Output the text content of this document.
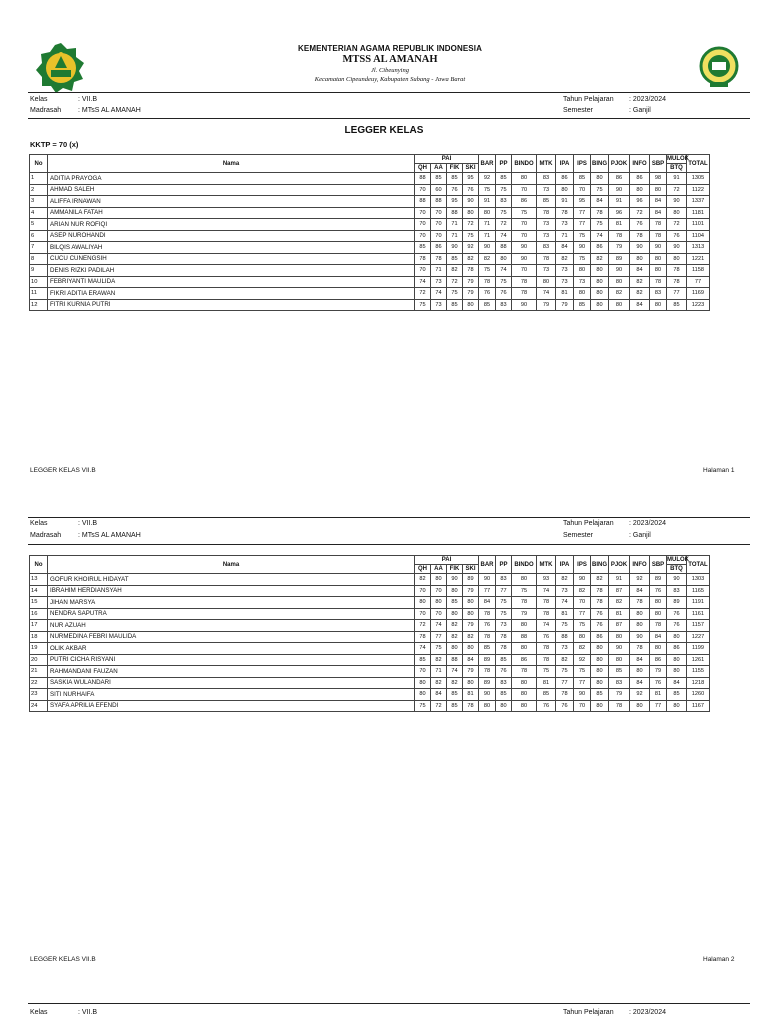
KEMENTERIAN AGAMA REPUBLIK INDONESIA
MTSS AL AMANAH
Jl. Cibeunying
Kecamatan Cipeundeuy, Kabupaten Subang - Jawa Barat
Kelas	: VII.B	Tahun Pelajaran : 2023/2024
Madrasah : MTsS AL AMANAH	Semester	: Ganjil
LEGGER KELAS
KKTP = 70 (x)
No	Nama	PAI				BAR	PP	BINDO	MTK	IPA	IPS	BING	PJOK	INFO	SBP	MULOK	TOTAL
		QH	AA	FIK	SKI											BTQ	
1	ADITIA PRAYOGA	88	85	85	95	92	85	80	83	86	85	80	86	86	98	91	1305
2	AHMAD SALEH	70	60	76	76	75	75	70	73	80	70	75	90	80	80	72	1122
3	ALIFFA IRNAWAN	88	88	95	90	91	83	86	85	91	95	84	91	96	84	90	1337
4	AMMANILA FATAH	70	70	88	80	80	75	75	78	78	77	78	96	72	84	80	1181
5	ARIAN NUR ROFIQI	70	70	71	72	71	72	70	73	73	77	75	81	76	78	72	1101
6	ASEP NUROHANDI	70	70	71	75	71	74	70	73	71	75	74	78	78	78	76	1104
7	BILQIS AWALIYAH	85	86	90	92	90	88	90	83	84	90	86	79	90	90	90	1313
8	CUCU CUNENGSIH	78	78	85	82	82	80	90	78	82	75	82	89	80	80	80	1221
9	DENIS RIZKI PADILAH	70	71	82	78	75	74	70	73	73	80	80	90	84	80	78	1158
10	FEBRIYANTI MAULIDA	74	73	72	79	78	75	78	80	73	73	80	80	82	78	78	77
11	FIKRI ADITIA ERAWAN	72	74	75	79	76	76	78	74	81	80	80	82	82	83	77	1169
12	FITRI KURNIA PUTRI	75	73	85	80	85	83	90	79	79	85	80	80	84	80	85	1223
LEGGER KELAS VII.B	Halaman 1
Kelas	: VII.B	Tahun Pelajaran : 2023/2024
Madrasah : MTsS AL AMANAH	Semester	: Ganjil
No	Nama	PAI				BAR	PP	BINDO	MTK	IPA	IPS	BING	PJOK	INFO	SBP	MULOK	TOTAL
		QH	AA	FIK	SKI											BTQ	
13	GOFUR KHOIRUL HIDAYAT	82	80	90	89	90	83	80	93	82	90	82	91	92	89	90	1303
14	IBRAHIM HERDIANSYAH	70	70	80	79	77	77	75	74	73	82	78	87	84	76	83	1165
15	JIHAN MARSYA	80	80	85	80	84	75	78	78	74	70	78	82	78	80	89	1191
16	NENDRA SAPUTRA	70	70	80	80	78	75	79	78	81	77	76	81	80	80	76	1161
17	NUR AZUAH	72	74	82	79	76	73	80	74	75	75	76	87	80	78	76	1157
18	NURMEDINA FEBRI MAULIDA	78	77	82	82	78	78	88	76	88	80	86	80	90	84	80	1227
19	OLIK AKBAR	74	75	80	80	85	78	80	78	73	82	80	90	78	80	86	1199
20	PUTRI CICHA RISYANI	85	82	88	84	89	85	86	78	82	92	80	80	84	86	80	1261
21	RAHMANDANI FAUZAN	70	71	74	79	78	76	78	75	75	75	80	85	80	79	80	1155
22	SASKIA WULANDARI	80	82	82	80	89	83	80	81	77	77	80	83	84	76	84	1218
23	SITI NURHAIFA	80	84	85	81	90	85	80	85	78	90	85	79	92	81	85	1260
24	SYAFA APRILIA EFENDI	75	72	85	78	80	80	80	76	76	70	80	78	80	77	80	1167
LEGGER KELAS VII.B	Halaman 2
Kelas	: VII.B	Tahun Pelajaran : 2023/2024
